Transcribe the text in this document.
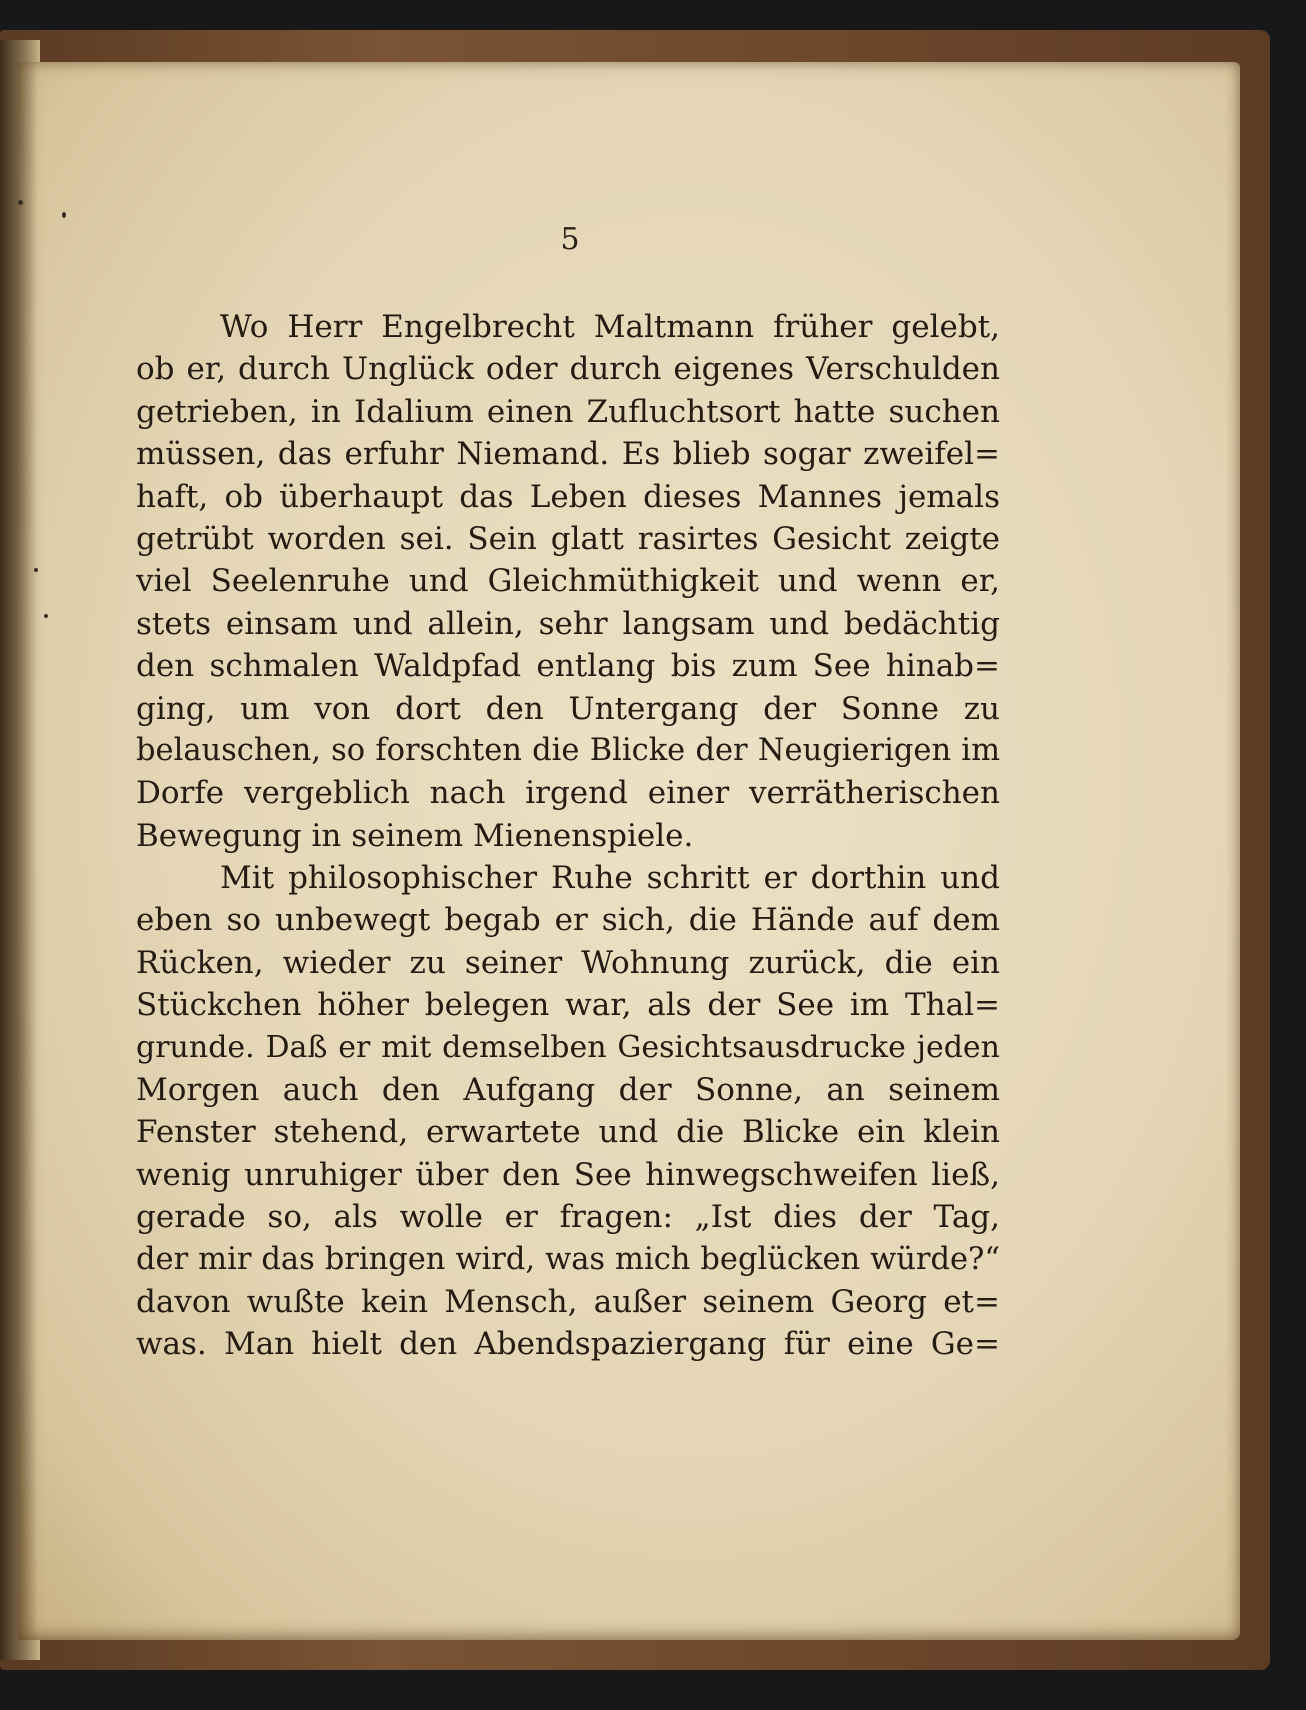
5
Wo Herr Engelbrecht Maltmann früher gelebt,
ob er, durch Unglück oder durch eigenes Verschulden
getrieben, in Idalium einen Zufluchtsort hatte suchen
müssen, das erfuhr Niemand. Es blieb sogar zweifel=
haft, ob überhaupt das Leben dieses Mannes jemals
getrübt worden sei. Sein glatt rasirtes Gesicht zeigte
viel Seelenruhe und Gleichmüthigkeit und wenn er,
stets einsam und allein, sehr langsam und bedächtig
den schmalen Waldpfad entlang bis zum See hinab=
ging, um von dort den Untergang der Sonne zu
belauschen, so forschten die Blicke der Neugierigen im
Dorfe vergeblich nach irgend einer verrätherischen
Bewegung in seinem Mienenspiele.
Mit philosophischer Ruhe schritt er dorthin und
eben so unbewegt begab er sich, die Hände auf dem
Rücken, wieder zu seiner Wohnung zurück, die ein
Stückchen höher belegen war, als der See im Thal=
grunde. Daß er mit demselben Gesichtsausdrucke jeden
Morgen auch den Aufgang der Sonne, an seinem
Fenster stehend, erwartete und die Blicke ein klein
wenig unruhiger über den See hinwegschweifen ließ,
gerade so, als wolle er fragen: „Ist dies der Tag,
der mir das bringen wird, was mich beglücken würde?“
davon wußte kein Mensch, außer seinem Georg et=
was. Man hielt den Abendspaziergang für eine Ge=
